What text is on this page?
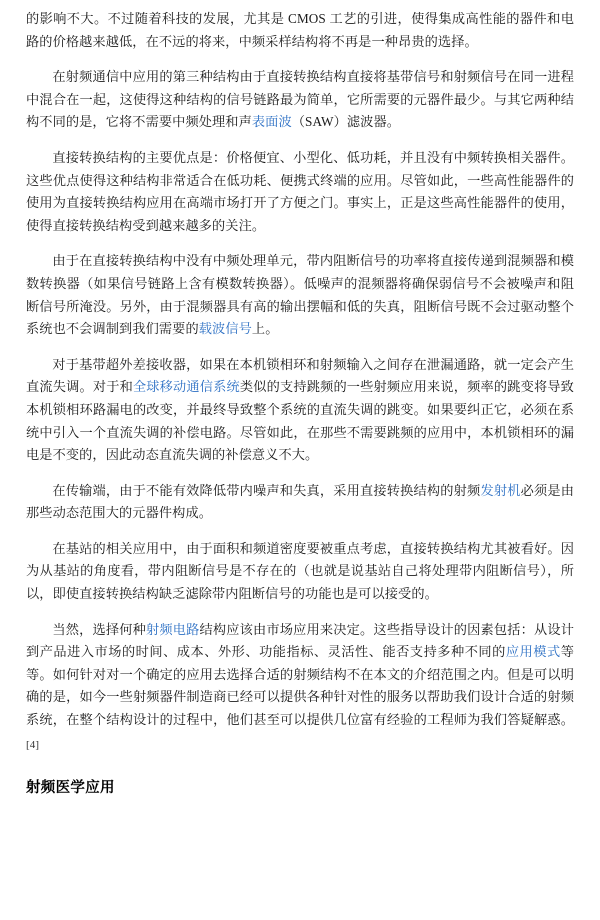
的影响不大。不过随着科技的发展，尤其是 CMOS 工艺的引进，使得集成高性能的器件和电路的价格越来越低，在不远的将来，中频采样结构将不再是一种昂贵的选择。

在射频通信中应用的第三种结构由于直接转换结构直接将基带信号和射频信号在同一进程中混合在一起，这使得这种结构的信号链路最为简单，它所需要的元器件最少。与其它两种结构不同的是，它将不需要中频处理和声表面波（SAW）滤波器。

直接转换结构的主要优点是：价格便宜、小型化、低功耗，并且没有中频转换相关器件。这些优点使得这种结构非常适合在低功耗、便携式终端的应用。尽管如此，一些高性能器件的使用为直接转换结构应用在高端市场打开了方便之门。事实上，正是这些高性能器件的使用，使得直接转换结构受到越来越多的关注。

由于在直接转换结构中没有中频处理单元，带内阻断信号的功率将直接传递到混频器和模数转换器（如果信号链路上含有模数转换器）。低噪声的混频器将确保弱信号不会被噪声和阻断信号所淹没。另外，由于混频器具有高的输出摆幅和低的失真，阻断信号既不会过驱动整个系统也不会调制到我们需要的载波信号上。

对于基带超外差接收器，如果在本机锁相环和射频输入之间存在泄漏通路，就一定会产生直流失调。对于和全球移动通信系统类似的支持跳频的一些射频应用来说，频率的跳变将导致本机锁相环路漏电的改变，并最终导致整个系统的直流失调的跳变。如果要纠正它，必须在系统中引入一个直流失调的补偿电路。尽管如此，在那些不需要跳频的应用中，本机锁相环的漏电是不变的，因此动态直流失调的补偿意义不大。

在传输端，由于不能有效降低带内噪声和失真，采用直接转换结构的射频发射机必须是由那些动态范围大的元器件构成。

在基站的相关应用中，由于面积和频道密度要被重点考虑，直接转换结构尤其被看好。因为从基站的角度看，带内阻断信号是不存在的（也就是说基站自己将处理带内阻断信号），所以，即使直接转换结构缺乏滤除带内阻断信号的功能也是可以接受的。

当然，选择何种射频电路结构应该由市场应用来决定。这些指导设计的因素包括：从设计到产品进入市场的时间、成本、外形、功能指标、灵活性、能否支持多种不同的应用模式等等。如何针对对一个确定的应用去选择合适的射频结构不在本文的介绍范围之内。但是可以明确的是，如今一些射频器件制造商已经可以提供各种针对性的服务以帮助我们设计合适的射频系统，在整个结构设计的过程中，他们甚至可以提供几位富有经验的工程师为我们答疑解惑。 [4]

射频医学应用
